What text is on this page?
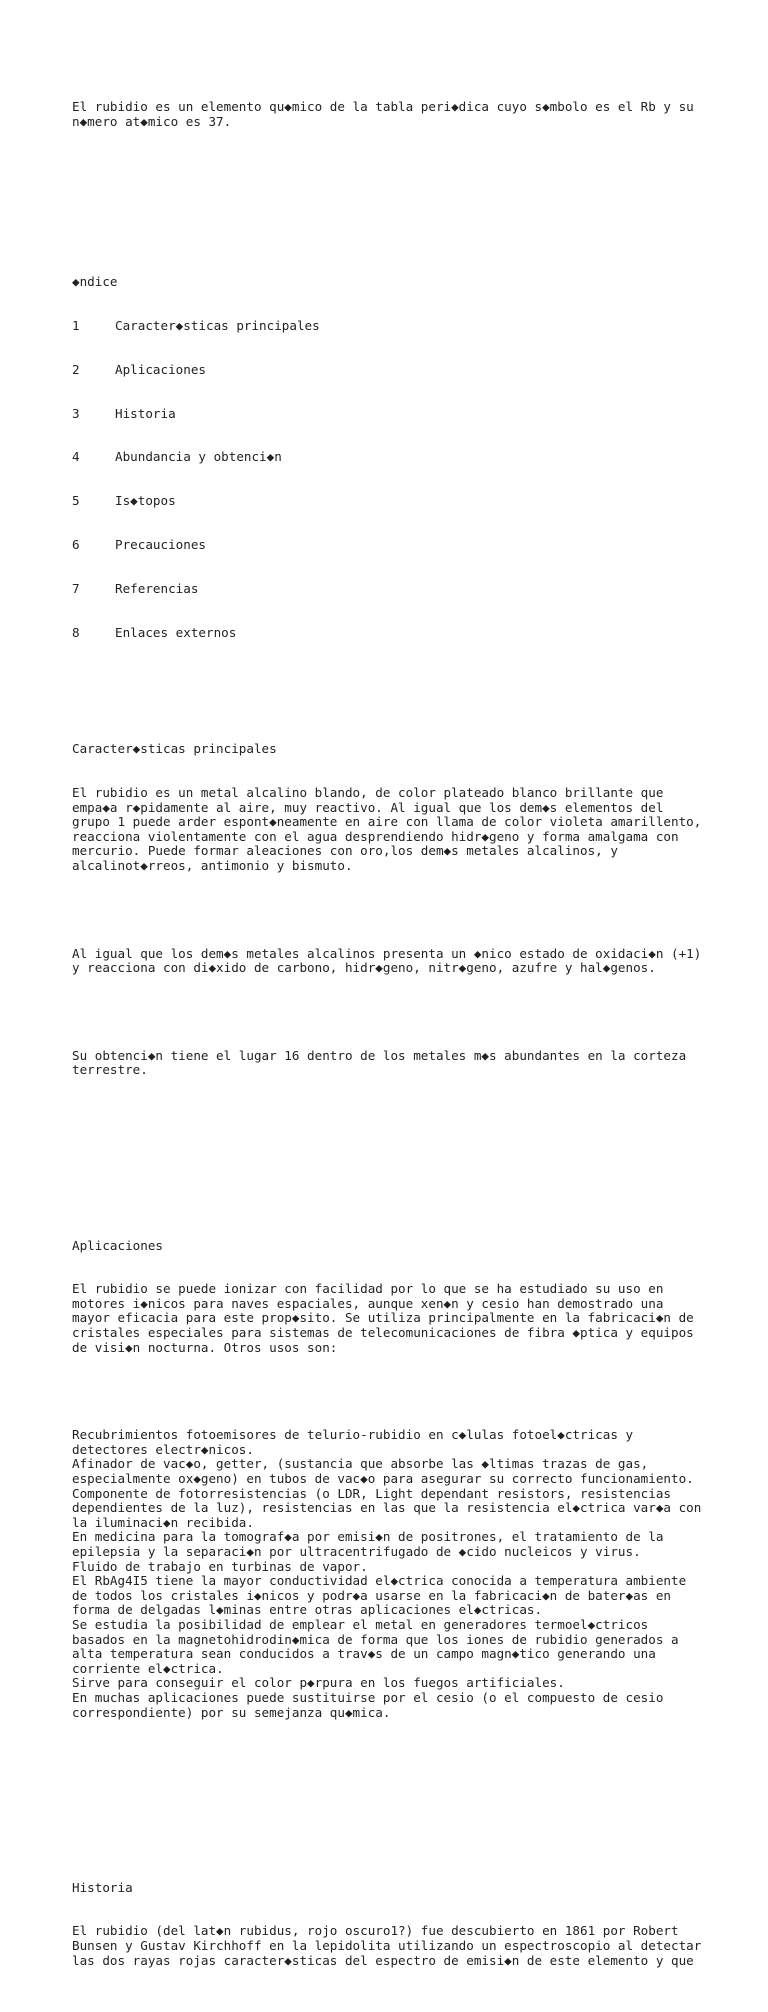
El rubidio es un elemento qu◆mico de la tabla peri◆dica cuyo s◆mbolo es el Rb y su
n◆mero at◆mico es 37.

◆ndice

1	Caracter◆sticas principales

2	Aplicaciones

3	Historia

4	Abundancia y obtenci◆n

5	Is◆topos

6	Precauciones

7	Referencias

8	Enlaces externos

Caracter◆sticas principales

El rubidio es un metal alcalino blando, de color plateado blanco brillante que
empa◆a r◆pidamente al aire, muy reactivo. Al igual que los dem◆s elementos del
grupo 1 puede arder espont◆neamente en aire con llama de color violeta amarillento,
reacciona violentamente con el agua desprendiendo hidr◆geno y forma amalgama con
mercurio. Puede formar aleaciones con oro,los dem◆s metales alcalinos, y
alcalinot◆rreos, antimonio y bismuto.

Al igual que los dem◆s metales alcalinos presenta un ◆nico estado de oxidaci◆n (+1)
y reacciona con di◆xido de carbono, hidr◆geno, nitr◆geno, azufre y hal◆genos.

Su obtenci◆n tiene el lugar 16 dentro de los metales m◆s abundantes en la corteza
terrestre.

Aplicaciones

El rubidio se puede ionizar con facilidad por lo que se ha estudiado su uso en
motores i◆nicos para naves espaciales, aunque xen◆n y cesio han demostrado una
mayor eficacia para este prop◆sito. Se utiliza principalmente en la fabricaci◆n de
cristales especiales para sistemas de telecomunicaciones de fibra ◆ptica y equipos
de visi◆n nocturna. Otros usos son:

Recubrimientos fotoemisores de telurio-rubidio en c◆lulas fotoel◆ctricas y
detectores electr◆nicos.
Afinador de vac◆o, getter, (sustancia que absorbe las ◆ltimas trazas de gas,
especialmente ox◆geno) en tubos de vac◆o para asegurar su correcto funcionamiento.
Componente de fotorresistencias (o LDR, Light dependant resistors, resistencias
dependientes de la luz), resistencias en las que la resistencia el◆ctrica var◆a con
la iluminaci◆n recibida.
En medicina para la tomograf◆a por emisi◆n de positrones, el tratamiento de la
epilepsia y la separaci◆n por ultracentrifugado de ◆cido nucleicos y virus.
Fluido de trabajo en turbinas de vapor.
El RbAg4I5 tiene la mayor conductividad el◆ctrica conocida a temperatura ambiente
de todos los cristales i◆nicos y podr◆a usarse en la fabricaci◆n de bater◆as en
forma de delgadas l◆minas entre otras aplicaciones el◆ctricas.
Se estudia la posibilidad de emplear el metal en generadores termoel◆ctricos
basados en la magnetohidrodin◆mica de forma que los iones de rubidio generados a
alta temperatura sean conducidos a trav◆s de un campo magn◆tico generando una
corriente el◆ctrica.
Sirve para conseguir el color p◆rpura en los fuegos artificiales.
En muchas aplicaciones puede sustituirse por el cesio (o el compuesto de cesio
correspondiente) por su semejanza qu◆mica.

Historia

El rubidio (del lat◆n rubidus, rojo oscuro1?) fue descubierto en 1861 por Robert
Bunsen y Gustav Kirchhoff en la lepidolita utilizando un espectroscopio al detectar
las dos rayas rojas caracter◆sticas del espectro de emisi◆n de este elemento y que
